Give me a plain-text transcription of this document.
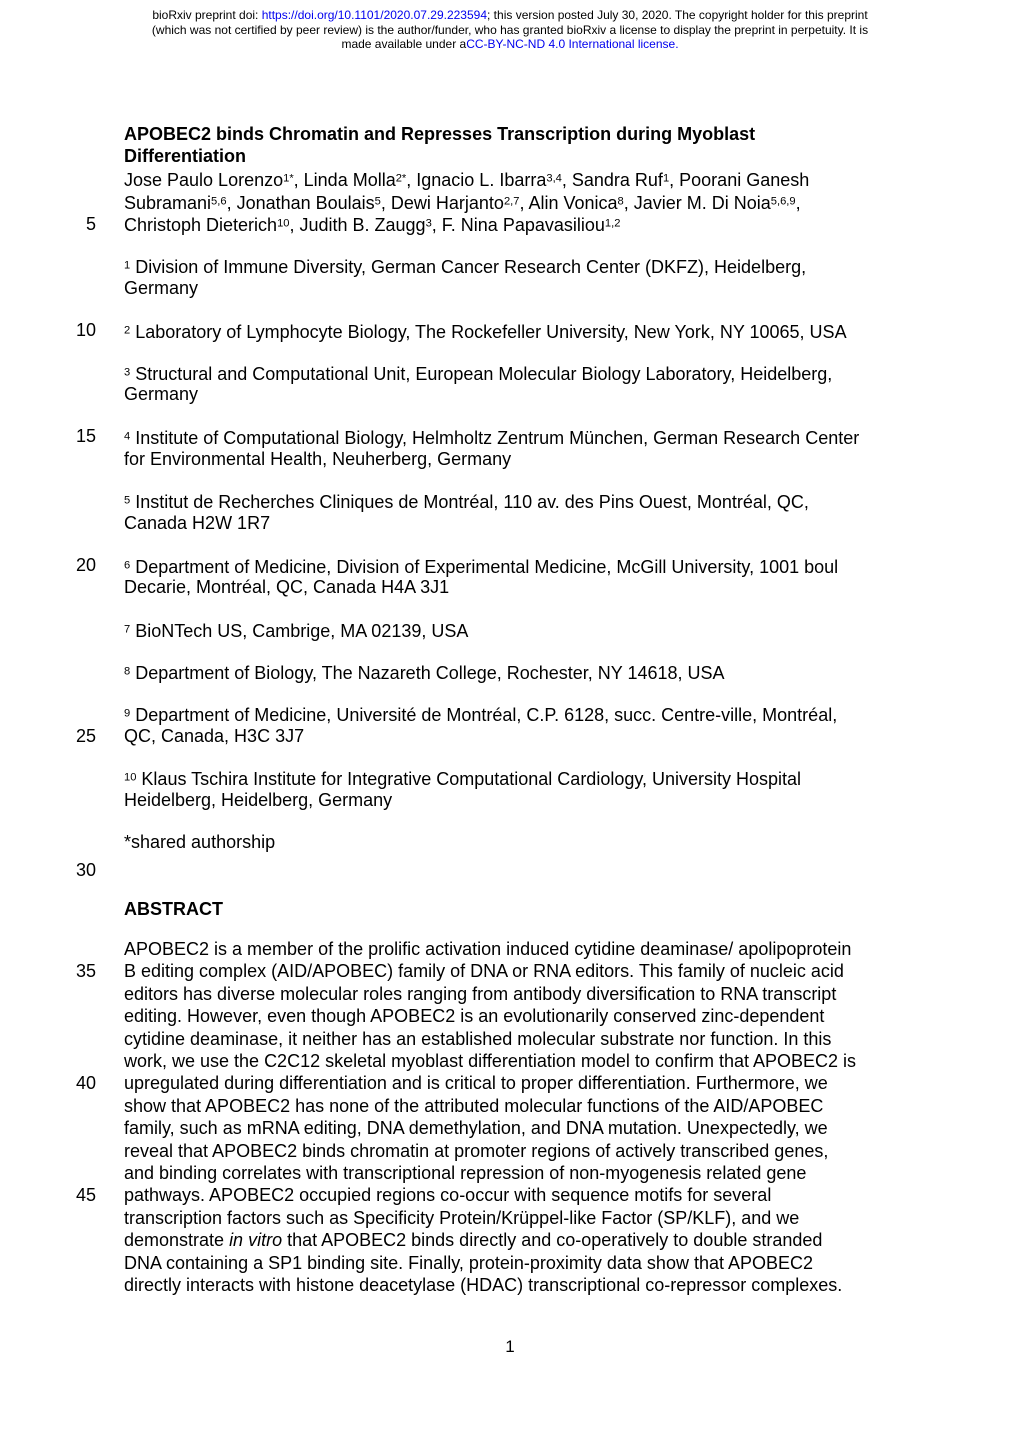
bioRxiv preprint doi: https://doi.org/10.1101/2020.07.29.223594; this version posted July 30, 2020. The copyright holder for this preprint
(which was not certified by peer review) is the author/funder, who has granted bioRxiv a license to display the preprint in perpetuity. It is
made available under aCC-BY-NC-ND 4.0 International license.
APOBEC2 binds Chromatin and Represses Transcription during Myoblast
Differentiation
Jose Paulo Lorenzo$^{1*}$, Linda Molla$^{2*}$, Ignacio L. Ibarra$^{3,4}$, Sandra Ruf$^1$, Poorani Ganesh
Subramani$^{5,6}$, Jonathan Boulais$^5$, Dewi Harjanto$^{2,7}$, Alin Vonica$^8$, Javier M. Di Noia$^{5,6,9}$,
5 Christoph Dieterich$^{10}$, Judith B. Zaugg$^3$, F. Nina Papavasiliou$^{1,2}$
$^1$ Division of Immune Diversity, German Cancer Research Center (DKFZ), Heidelberg,
Germany
10	$^2$ Laboratory of Lymphocyte Biology, The Rockefeller University, New York, NY 10065, USA
$^3$ Structural and Computational Unit, European Molecular Biology Laboratory, Heidelberg,
Germany
15	$^4$ Institute of Computational Biology, Helmholtz Zentrum München, German Research Center
for Environmental Health, Neuherberg, Germany
$^5$ Institut de Recherches Cliniques de Montréal, 110 av. des Pins Ouest, Montréal, QC,
Canada H2W 1R7
20	$^6$ Department of Medicine, Division of Experimental Medicine, McGill University, 1001 boul
Decarie, Montréal, QC, Canada H4A 3J1
$^7$ BioNTech US, Cambrige, MA 02139, USA
$^8$ Department of Biology, The Nazareth College, Rochester, NY 14618, USA
$^9$ Department of Medicine, Université de Montréal, C.P. 6128, succ. Centre-ville, Montréal,
25 QC, Canada, H3C 3J7
$^{10}$ Klaus Tschira Institute for Integrative Computational Cardiology, University Hospital
Heidelberg, Heidelberg, Germany
*shared authorship
30
ABSTRACT
APOBEC2 is a member of the prolific activation induced cytidine deaminase/ apolipoprotein
35 B editing complex (AID/APOBEC) family of DNA or RNA editors. This family of nucleic acid
editors has diverse molecular roles ranging from antibody diversification to RNA transcript
editing. However, even though APOBEC2 is an evolutionarily conserved zinc-dependent
cytidine deaminase, it neither has an established molecular substrate nor function. In this
work, we use the C2C12 skeletal myoblast differentiation model to confirm that APOBEC2 is
40 upregulated during differentiation and is critical to proper differentiation. Furthermore, we
show that APOBEC2 has none of the attributed molecular functions of the AID/APOBEC
family, such as mRNA editing, DNA demethylation, and DNA mutation. Unexpectedly, we
reveal that APOBEC2 binds chromatin at promoter regions of actively transcribed genes,
and binding correlates with transcriptional repression of non-myogenesis related gene
45 pathways. APOBEC2 occupied regions co-occur with sequence motifs for several
transcription factors such as Specificity Protein/Krüppel-like Factor (SP/KLF), and we
demonstrate in vitro that APOBEC2 binds directly and co-operatively to double stranded
DNA containing a SP1 binding site. Finally, protein-proximity data show that APOBEC2
directly interacts with histone deacetylase (HDAC) transcriptional co-repressor complexes.
1
